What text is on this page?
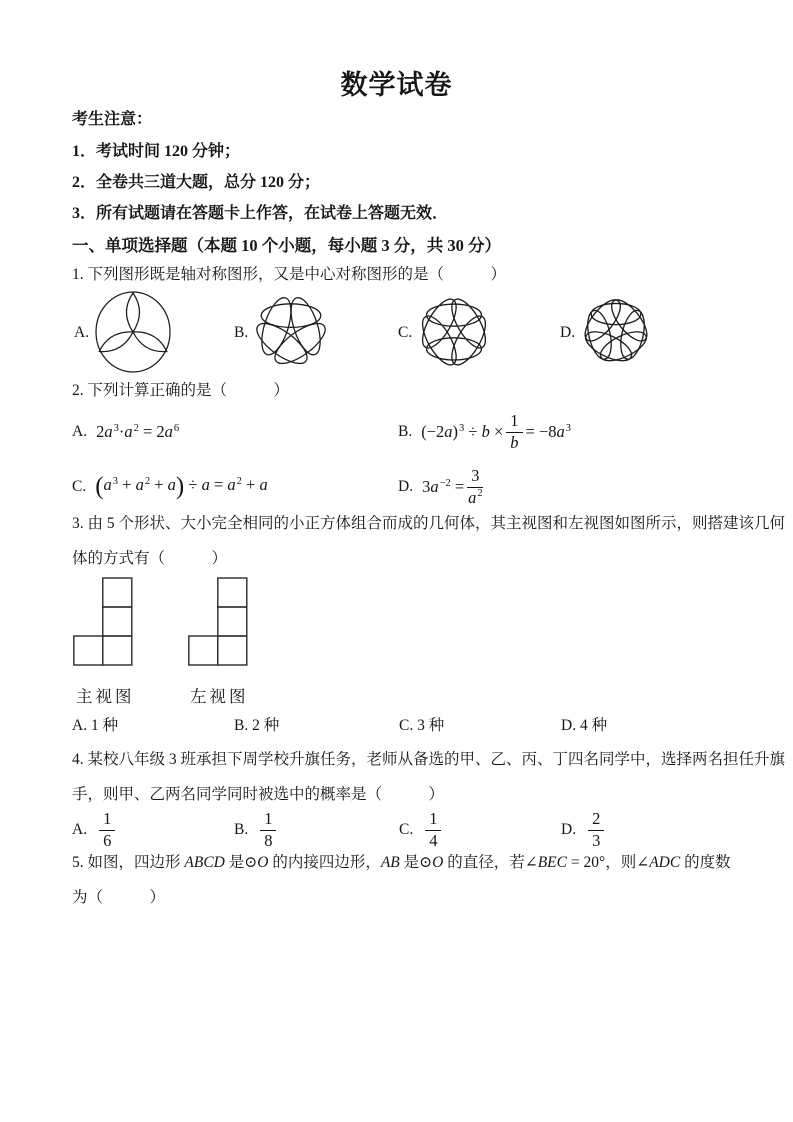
数学试卷
考生注意：
1．考试时间 120 分钟；
2．全卷共三道大题，总分 120 分；
3．所有试题请在答题卡上作答，在试卷上答题无效．
一、单项选择题（本题 10 个小题，每小题 3 分，共 30 分）
1. 下列图形既是轴对称图形，又是中心对称图形的是（　　　）
A.	B.	C.	D.
2. 下列计算正确的是（　　　）
A. $2a^3\cdot a^2 = 2a^6$	B. $(-2a)^3 \div b \times \frac{1}{b} = -8a^3$
C. $(a^3 + a^2 + a) \div a = a^2 + a$	D. $3a^{-2} = \frac{3}{a^2}$
3. 由 5 个形状、大小完全相同的小正方体组合而成的几何体，其主视图和左视图如图所示，则搭建该几何
体的方式有（　　　）
主视图	左视图
A. 1 种	B. 2 种	C. 3 种	D. 4 种
4. 某校八年级 3 班承担下周学校升旗任务，老师从备选的甲、乙、丙、丁四名同学中，选择两名担任升旗
手，则甲、乙两名同学同时被选中的概率是（　　　）
A. $\frac{1}{6}$	B. $\frac{1}{8}$	C. $\frac{1}{4}$	D. $\frac{2}{3}$
5. 如图，四边形 ABCD 是⊙O 的内接四边形，AB 是⊙O 的直径，若∠BEC = 20°，则∠ADC 的度数
为（　　　）
